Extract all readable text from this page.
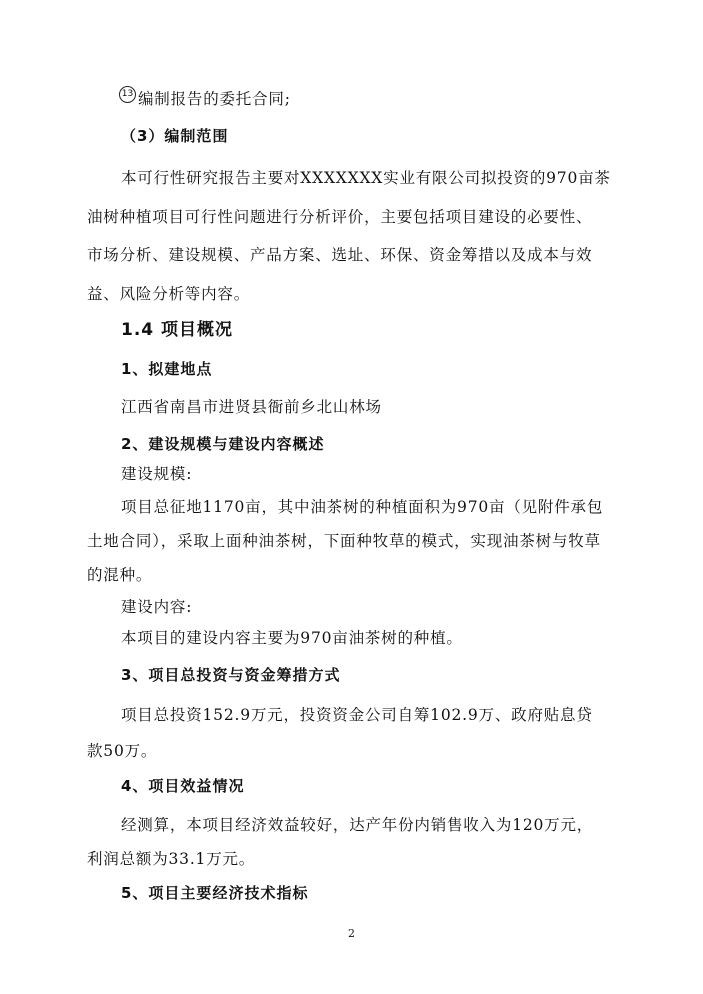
13 编制报告的委托合同;
（3）编制范围
本可行性研究报告主要对XXXXXXX实业有限公司拟投资的970亩茶
油树种植项目可行性问题进行分析评价，主要包括项目建设的必要性、
市场分析、建设规模、产品方案、选址、环保、资金筹措以及成本与效
益、风险分析等内容。
1.4 项目概况
1、拟建地点
江西省南昌市进贤县衙前乡北山林场
2、建设规模与建设内容概述
建设规模:
项目总征地1170亩，其中油茶树的种植面积为970亩（见附件承包
土地合同），采取上面种油茶树，下面种牧草的模式，实现油茶树与牧草
的混种。
建设内容:
本项目的建设内容主要为970亩油茶树的种植。
3、项目总投资与资金筹措方式
项目总投资152.9万元，投资资金公司自筹102.9万、政府贴息贷
款50万。
4、项目效益情况
经测算，本项目经济效益较好，达产年份内销售收入为120万元，
利润总额为33.1万元。
5、项目主要经济技术指标
2
